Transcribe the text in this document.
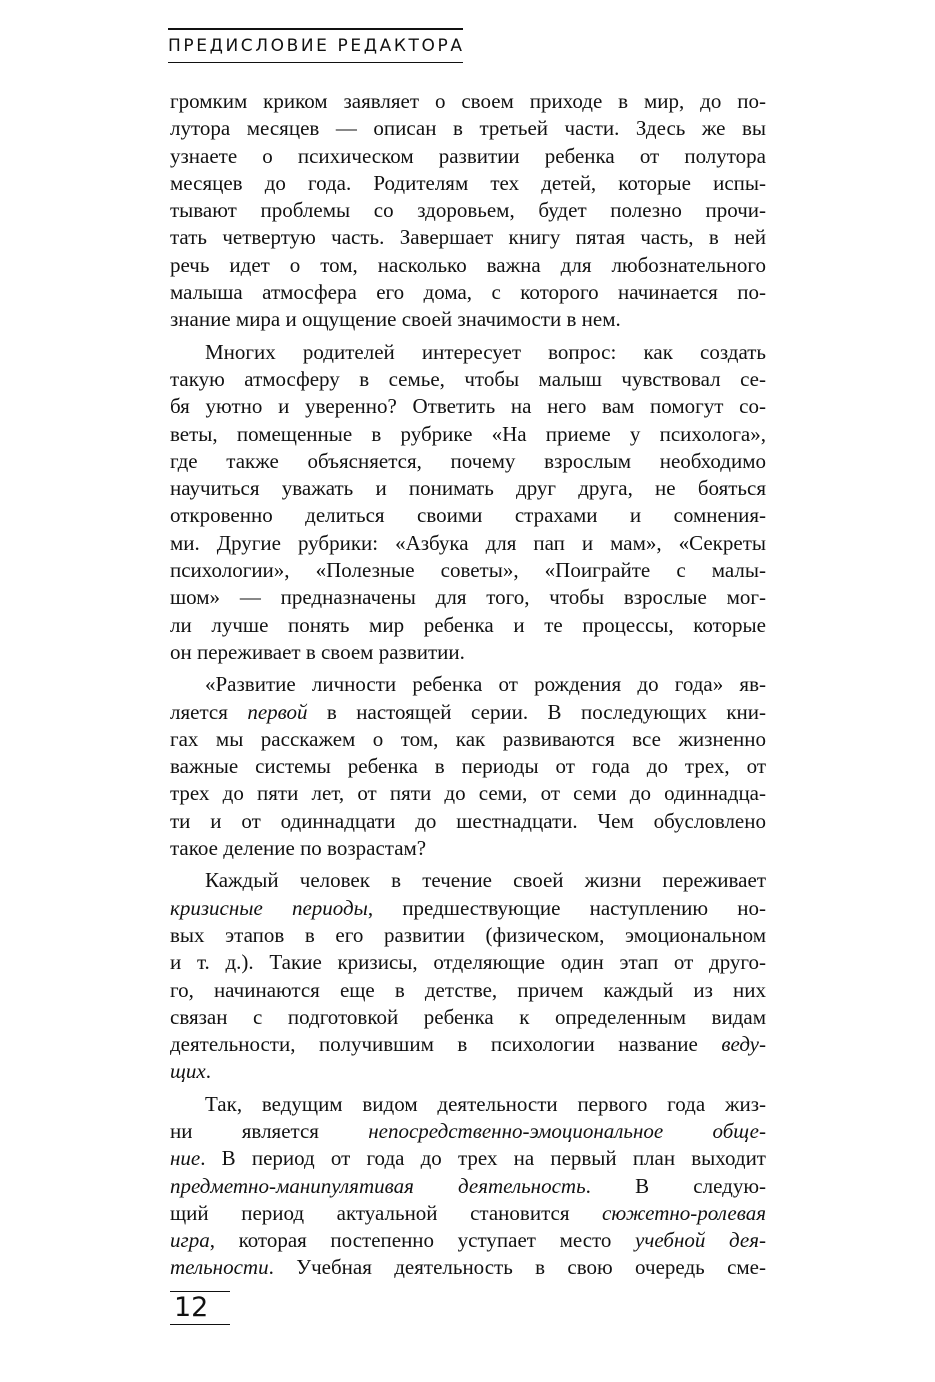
ПРЕДИСЛОВИЕ РЕДАКТОРА
громким криком заявляет о своем приходе в мир, до по-
лутора месяцев — описан в третьей части. Здесь же вы
узнаете о психическом развитии ребенка от полутора
месяцев до года. Родителям тех детей, которые испы-
тывают проблемы со здоровьем, будет полезно прочи-
тать четвертую часть. Завершает книгу пятая часть, в ней
речь идет о том, насколько важна для любознательного
малыша атмосфера его дома, с которого начинается по-
знание мира и ощущение своей значимости в нем.
Многих родителей интересует вопрос: как создать
такую атмосферу в семье, чтобы малыш чувствовал се-
бя уютно и уверенно? Ответить на него вам помогут со-
веты, помещенные в рубрике «На приеме у психолога»,
где также объясняется, почему взрослым необходимо
научиться уважать и понимать друг друга, не бояться
откровенно делиться своими страхами и сомнения-
ми. Другие рубрики: «Азбука для пап и мам», «Секреты
психологии», «Полезные советы», «Поиграйте с малы-
шом» — предназначены для того, чтобы взрослые мог-
ли лучше понять мир ребенка и те процессы, которые
он переживает в своем развитии.
«Развитие личности ребенка от рождения до года» яв-
ляется первой в настоящей серии. В последующих кни-
гах мы расскажем о том, как развиваются все жизненно
важные системы ребенка в периоды от года до трех, от
трех до пяти лет, от пяти до семи, от семи до одиннадца-
ти и от одиннадцати до шестнадцати. Чем обусловлено
такое деление по возрастам?
Каждый человек в течение своей жизни переживает
кризисные периоды, предшествующие наступлению но-
вых этапов в его развитии (физическом, эмоциональном
и т. д.). Такие кризисы, отделяющие один этап от друго-
го, начинаются еще в детстве, причем каждый из них
связан с подготовкой ребенка к определенным видам
деятельности, получившим в психологии название веду-
щих.
Так, ведущим видом деятельности первого года жиз-
ни является непосредственно-эмоциональное обще-
ние. В период от года до трех на первый план выходит
предметно-манипулятивая деятельность. В следую-
щий период актуальной становится сюжетно-ролевая
игра, которая постепенно уступает место учебной дея-
тельности. Учебная деятельность в свою очередь сме-
12
